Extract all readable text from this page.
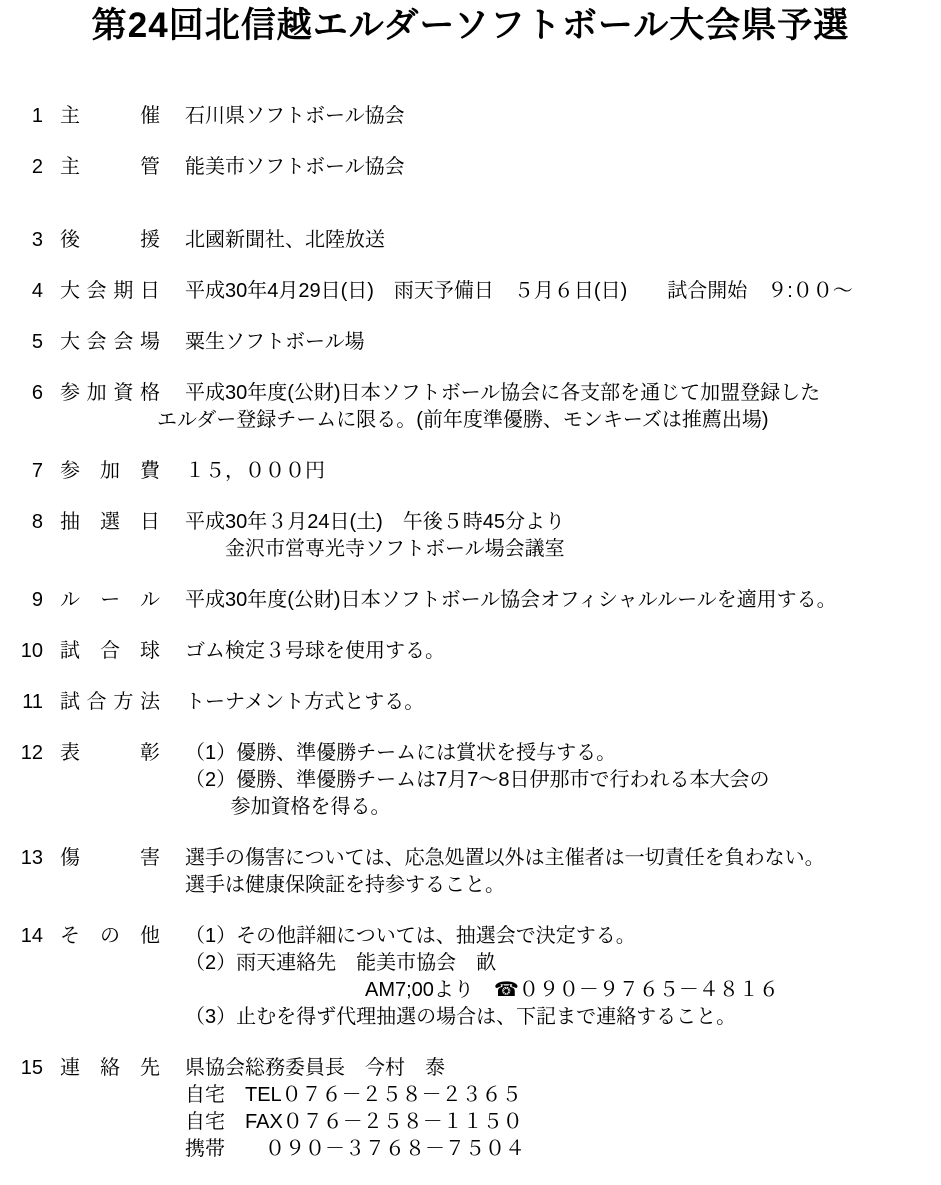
第24回北信越エルダーソフトボール大会県予選
1 主催 石川県ソフトボール協会
2 主管 能美市ソフトボール協会
3 後援 北國新聞社、北陸放送
4 大会期日 平成30年4月29日(日)　雨天予備日　５月６日(日)　　試合開始　９:００～
5 大会会場 粟生ソフトボール場
6 参加資格 平成30年度(公財)日本ソフトボール協会に各支部を通じて加盟登録した
エルダー登録チームに限る。(前年度準優勝、モンキーズは推薦出場)
7 参加費 １５，０００円
8 抽選日 平成30年３月24日(土)　午後５時45分より
　　金沢市営専光寺ソフトボール場会議室
9 ルール 平成30年度(公財)日本ソフトボール協会オフィシャルルールを適用する。
10 試合球 ゴム検定３号球を使用する。
11 試合方法 トーナメント方式とする。
12 表彰 （1）優勝、準優勝チームには賞状を授与する。
（2）優勝、準優勝チームは7月7～8日伊那市で行われる本大会の
　　 参加資格を得る。
13 傷害 選手の傷害については、応急処置以外は主催者は一切責任を負わない。
選手は健康保険証を持参すること。
14 その他 （1）その他詳細については、抽選会で決定する。
（2）雨天連絡先　能美市協会　畝
　　　　　　　　　AM7;00より　☎０９０－９７６５－４８１６
（3）止むを得ず代理抽選の場合は、下記まで連絡すること。
15 連絡先 県協会総務委員長　今村　泰
自宅　TEL０７６－２５８－２３６５
自宅　FAX０７６－２５８－１１５０
携帯　　０９０－３７６８－７５０４
